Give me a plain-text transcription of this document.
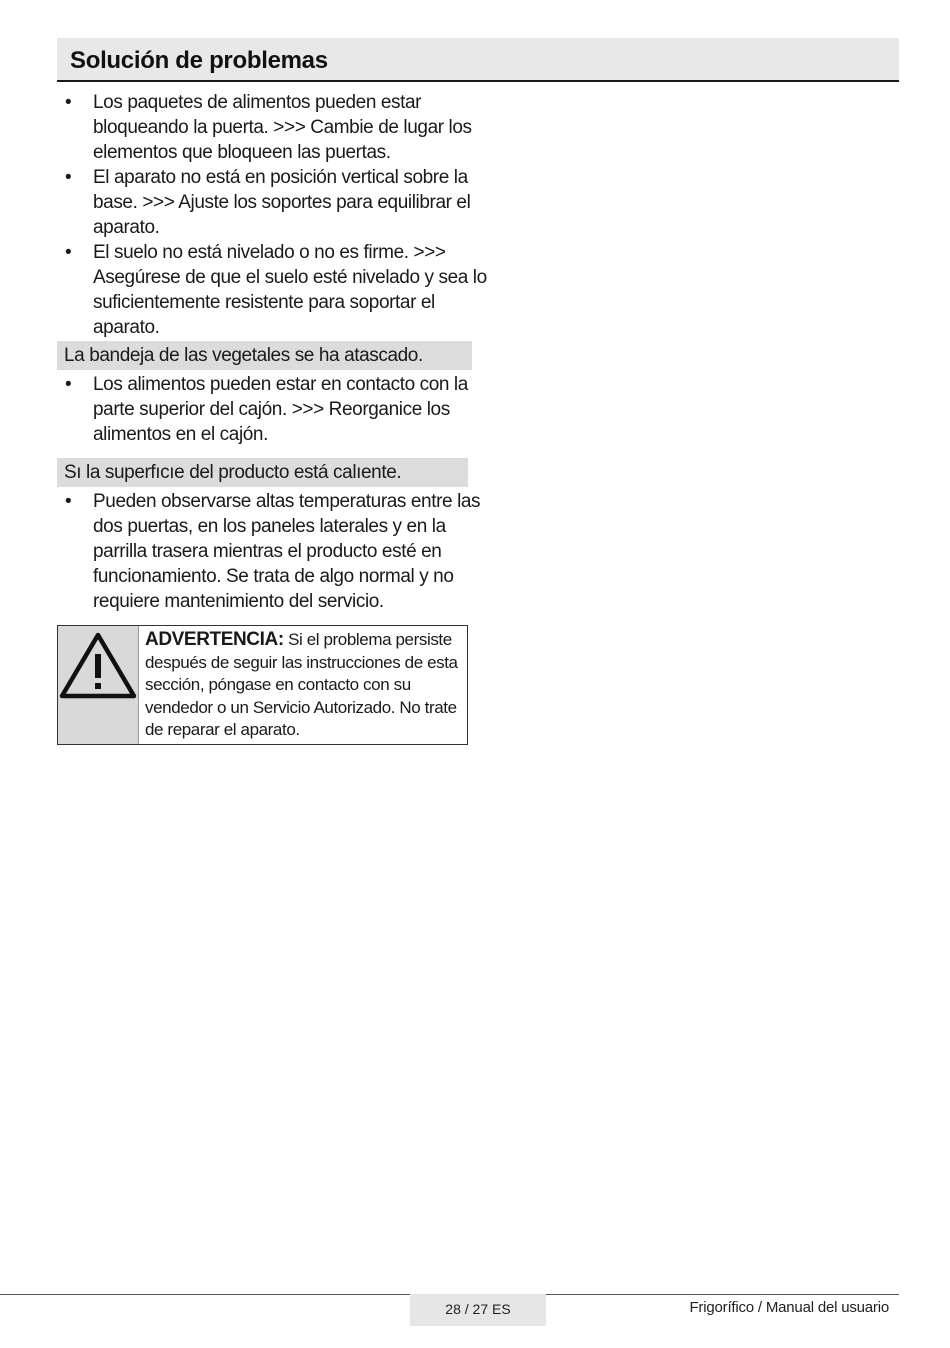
Solución de problemas
• Los paquetes de alimentos pueden estar bloqueando la puerta. >>> Cambie de lugar los elementos que bloqueen las puertas.
• El aparato no está en posición vertical sobre la base. >>> Ajuste los soportes para equilibrar el aparato.
• El suelo no está nivelado o no es firme. >>> Asegúrese de que el suelo esté nivelado y sea lo suficientemente resistente para soportar el aparato.
La bandeja de las vegetales se ha atascado.
• Los alimentos pueden estar en contacto con la parte superior del cajón. >>> Reorganice los alimentos en el cajón.
Sı la superfıcıe del producto está calıente.
• Pueden observarse altas temperaturas entre las dos puertas, en los paneles laterales y en la parrilla trasera mientras el producto esté en funcionamiento. Se trata de algo normal y no requiere mantenimiento del servicio.
ADVERTENCIA: Si el problema persiste después de seguir las instrucciones de esta sección, póngase en contacto con su vendedor o un Servicio Autorizado. No trate de reparar el aparato.
28 / 27 ES	Frigorífico / Manual del usuario
